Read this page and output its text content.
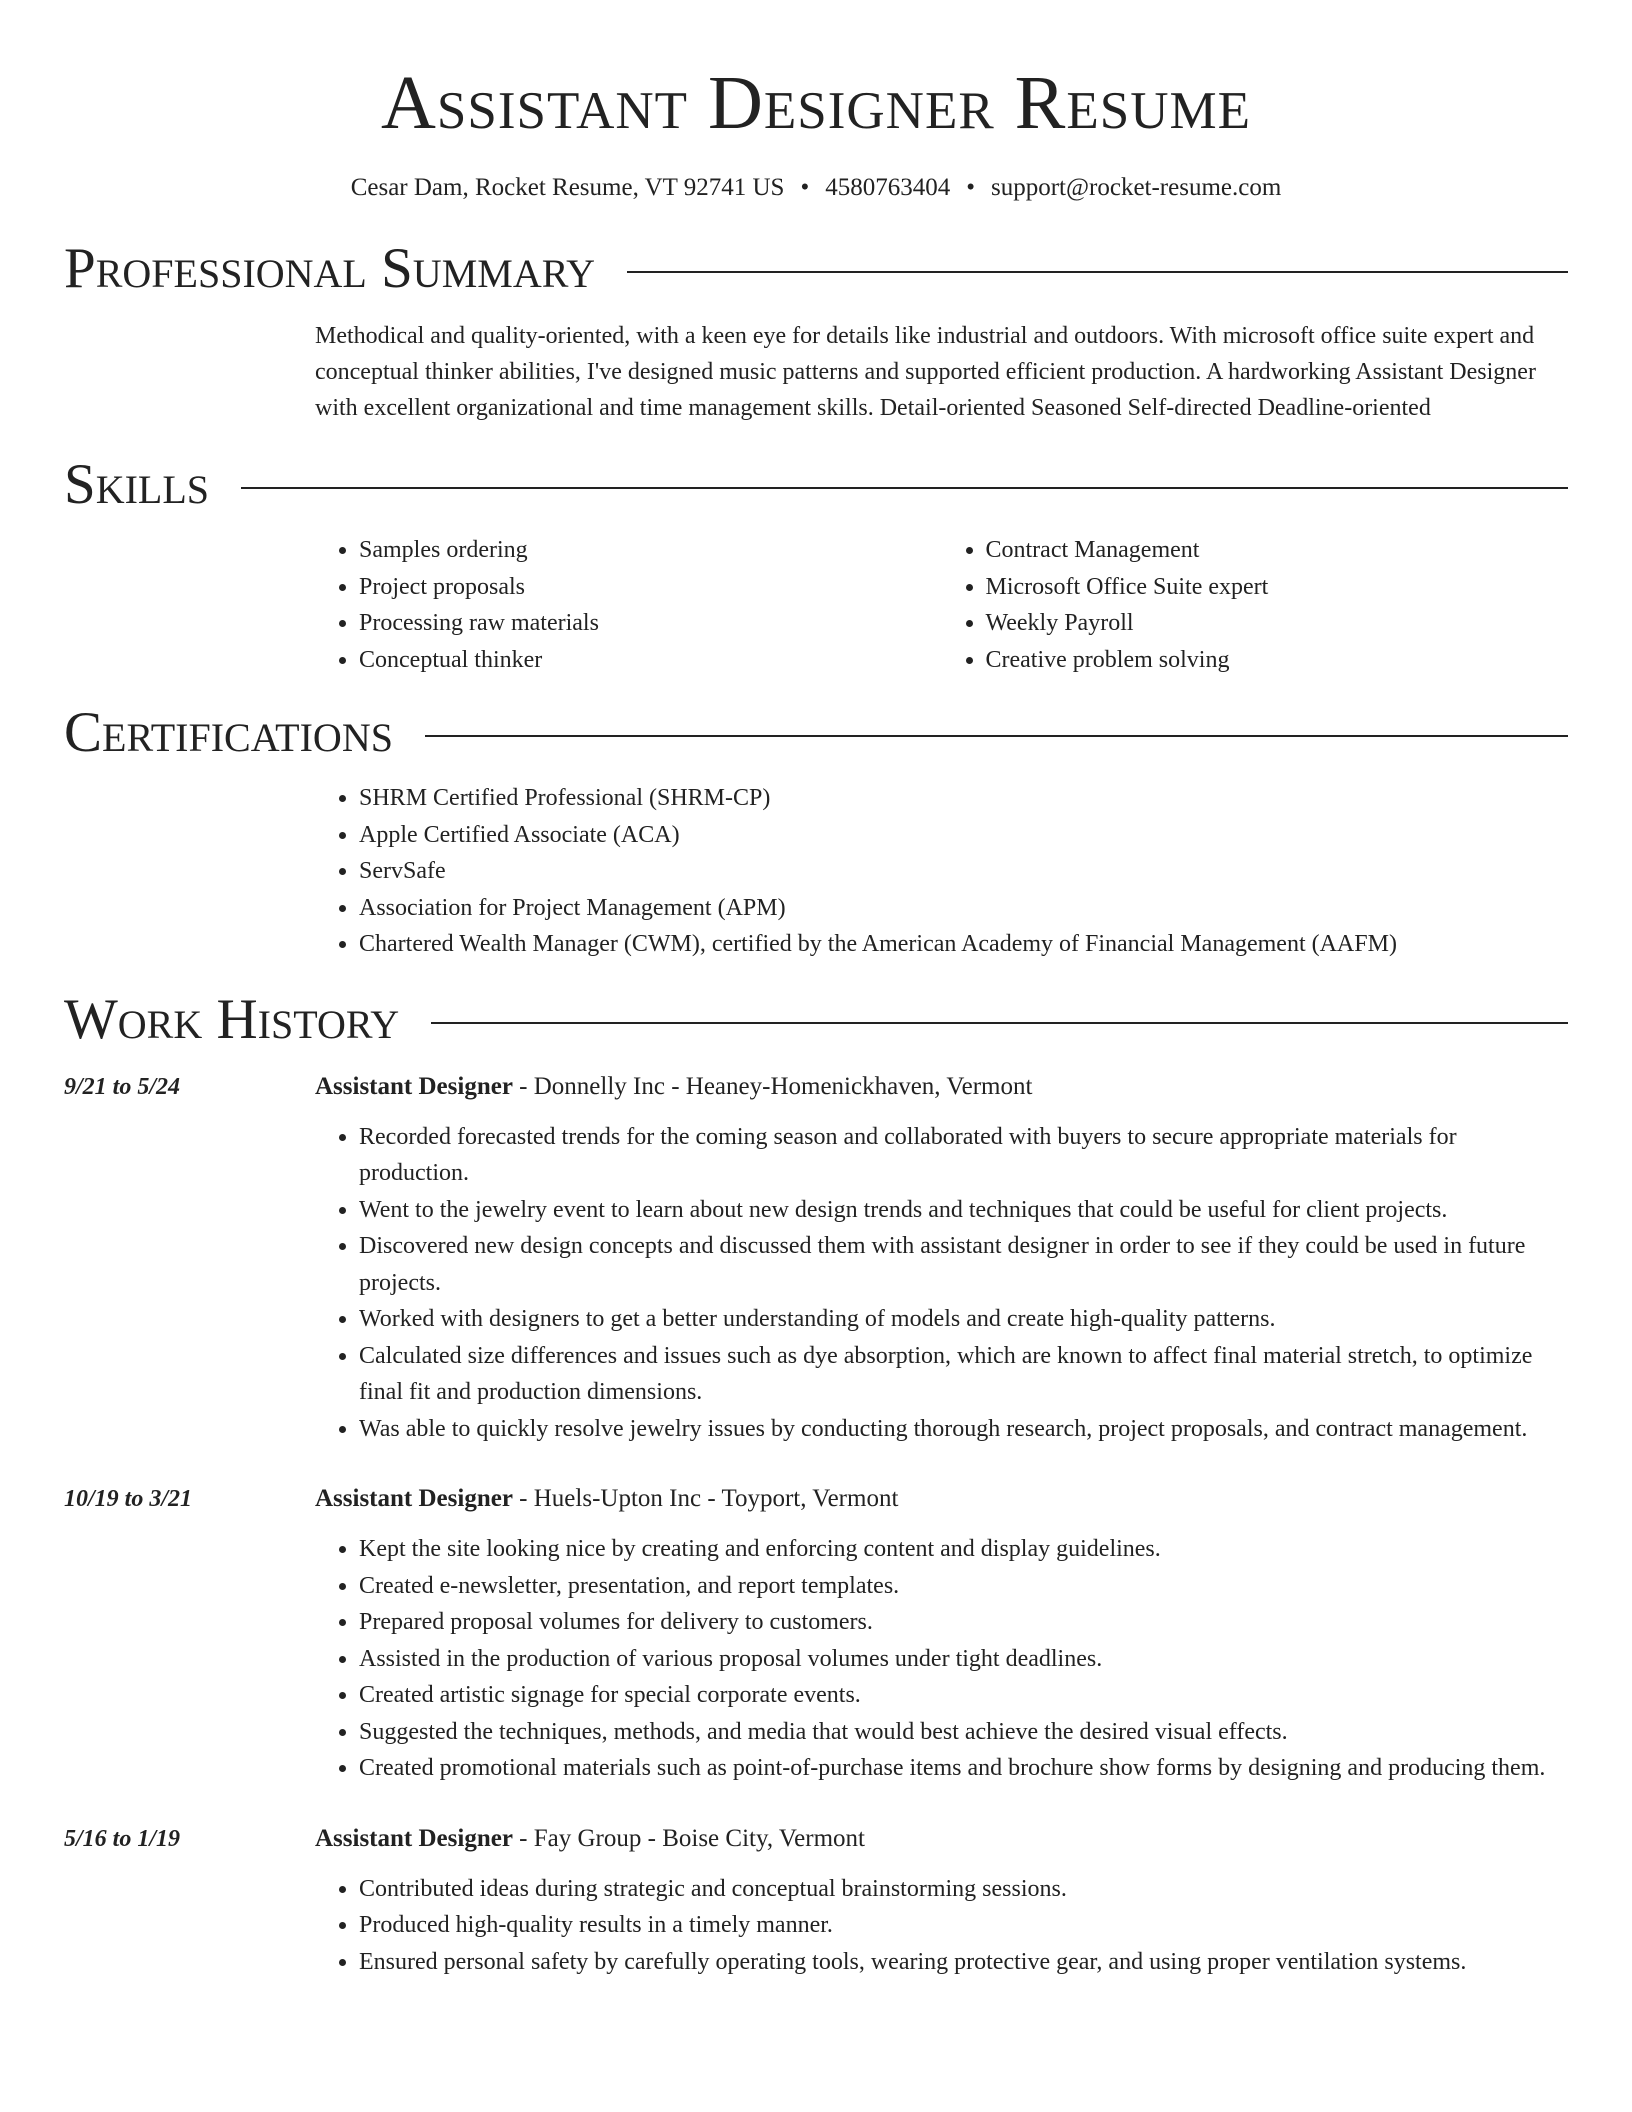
Assistant Designer Resume
Cesar Dam, Rocket Resume, VT 92741 US • 4580763404 • support@rocket-resume.com
Professional Summary

Methodical and quality-oriented, with a keen eye for details like industrial and outdoors. With microsoft office suite expert and conceptual thinker abilities, I've designed music patterns and supported efficient production. A hardworking Assistant Designer with excellent organizational and time management skills. Detail-oriented Seasoned Self-directed Deadline-oriented

Skills
• Samples ordering
• Project proposals
• Processing raw materials
• Conceptual thinker
• Contract Management
• Microsoft Office Suite expert
• Weekly Payroll
• Creative problem solving
Certifications
• SHRM Certified Professional (SHRM-CP)
• Apple Certified Associate (ACA)
• ServSafe
• Association for Project Management (APM)
• Chartered Wealth Manager (CWM), certified by the American Academy of Financial Management (AAFM)
Work History
9/21 to 5/24	Assistant Designer - Donnelly Inc - Heaney-Homenickhaven, Vermont
• Recorded forecasted trends for the coming season and collaborated with buyers to secure appropriate materials for production.
• Went to the jewelry event to learn about new design trends and techniques that could be useful for client projects.
• Discovered new design concepts and discussed them with assistant designer in order to see if they could be used in future projects.
• Worked with designers to get a better understanding of models and create high-quality patterns.
• Calculated size differences and issues such as dye absorption, which are known to affect final material stretch, to optimize final fit and production dimensions.
• Was able to quickly resolve jewelry issues by conducting thorough research, project proposals, and contract management.
10/19 to 3/21	Assistant Designer - Huels-Upton Inc - Toyport, Vermont
• Kept the site looking nice by creating and enforcing content and display guidelines.
• Created e-newsletter, presentation, and report templates.
• Prepared proposal volumes for delivery to customers.
• Assisted in the production of various proposal volumes under tight deadlines.
• Created artistic signage for special corporate events.
• Suggested the techniques, methods, and media that would best achieve the desired visual effects.
• Created promotional materials such as point-of-purchase items and brochure show forms by designing and producing them.
5/16 to 1/19	Assistant Designer - Fay Group - Boise City, Vermont
• Contributed ideas during strategic and conceptual brainstorming sessions.
• Produced high-quality results in a timely manner.
• Ensured personal safety by carefully operating tools, wearing protective gear, and using proper ventilation systems.
